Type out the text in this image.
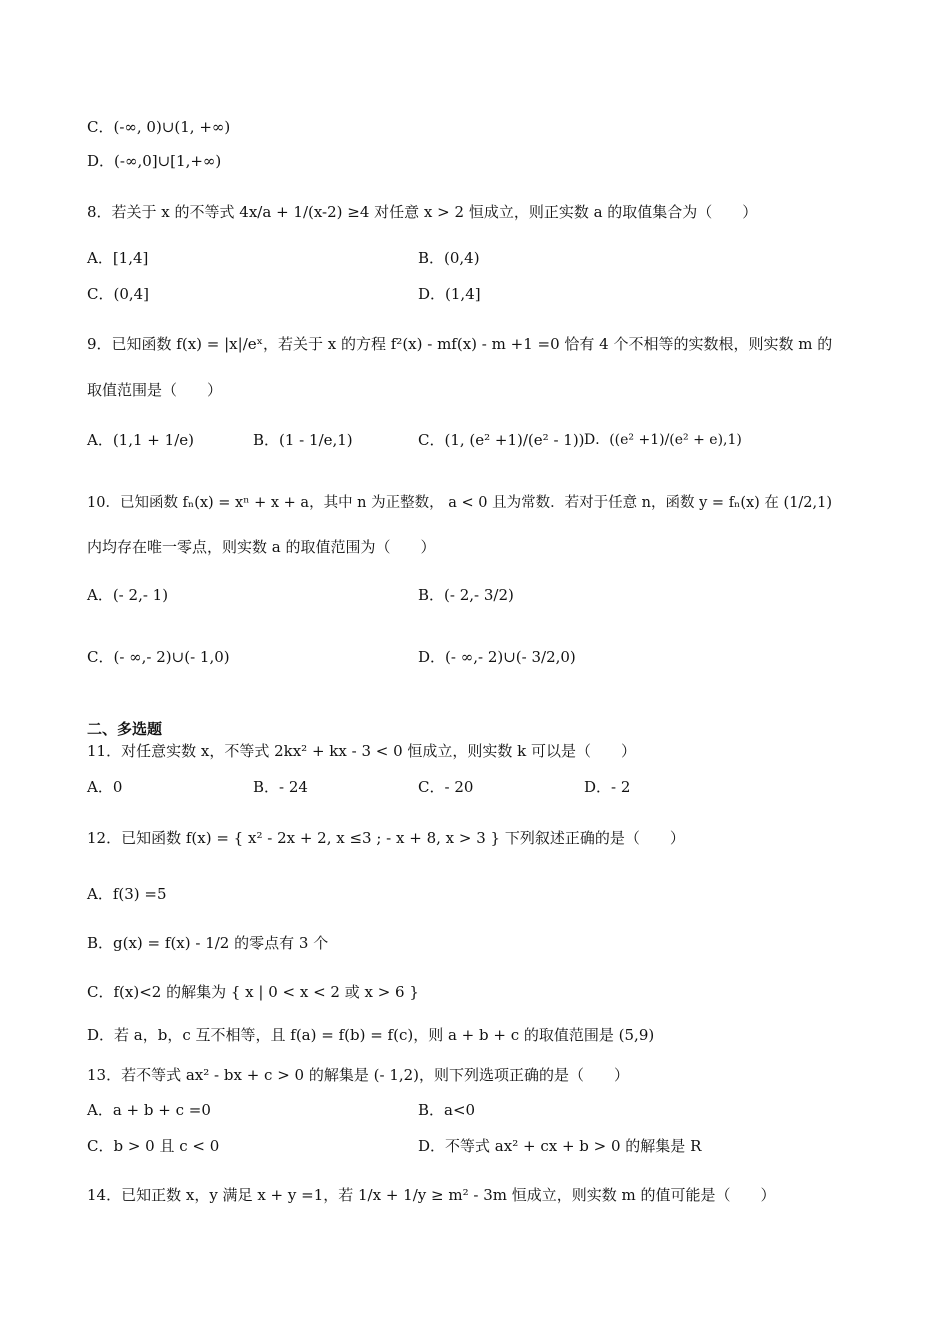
C．(-∞, 0)∪(1, +∞)
D．(-∞,0]∪[1,+∞)
8．若关于 x 的不等式 4x/a + 1/(x-2) ≥4 对任意 x > 2 恒成立，则正实数 a 的取值集合为（　　）
A．[1,4]	B．(0,4)
C．(0,4]	D．(1,4]
9．已知函数 f(x) = |x|/eˣ，若关于 x 的方程 f²(x) - mf(x) - m +1 =0 恰有 4 个不相等的实数根，则实数 m 的
取值范围是（　　）
A．(1,1 + 1/e)	B．(1 - 1/e,1)	C．(1, (e² +1)/(e² - 1)) D．((e² +1)/(e² + e),1)
10．已知函数 fₙ(x) = xⁿ + x + a，其中 n 为正整数， a < 0 且为常数．若对于任意 n，函数 y = fₙ(x) 在 (1/2,1)
内均存在唯一零点，则实数 a 的取值范围为（　　）
A．(- 2,- 1)	B．(- 2,- 3/2)
C．(- ∞,- 2)∪(- 1,0)	D．(- ∞,- 2)∪(- 3/2,0)
二、多选题
11．对任意实数 x，不等式 2kx² + kx - 3 < 0 恒成立，则实数 k 可以是（　　）
A．0	B．- 24	C．- 20	D．- 2
12．已知函数 f(x) = { x² - 2x + 2, x ≤3 ; - x + 8, x > 3 } 下列叙述正确的是（　　）
A．f(3) =5
B．g(x) = f(x) - 1/2 的零点有 3 个
C．f(x)<2 的解集为 { x | 0 < x < 2 或 x > 6 }
D．若 a，b，c 互不相等，且 f(a) = f(b) = f(c)，则 a + b + c 的取值范围是 (5,9)
13．若不等式 ax² - bx + c > 0 的解集是 (- 1,2)，则下列选项正确的是（　　）
A．a + b + c =0	B．a<0
C．b > 0 且 c < 0	D．不等式 ax² + cx + b > 0 的解集是 R
14．已知正数 x，y 满足 x + y =1，若 1/x + 1/y ≥ m² - 3m 恒成立，则实数 m 的值可能是（　　）
